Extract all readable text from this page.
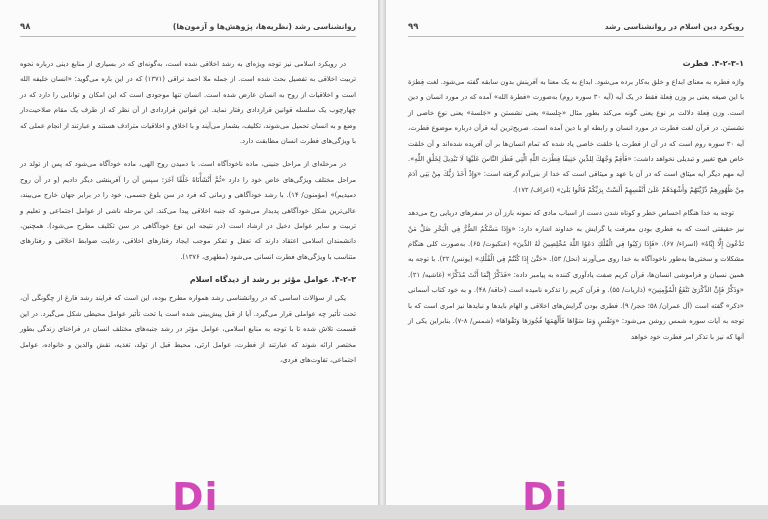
روانشناسی رشد (نظریه‌ها، پژوهش‌ها و آزمون‌ها)
۹۸

در رویکرد اسلامی نیز توجه ویژه‌ای به رشد اخلاقی شده است، به‌گونه‌ای که در بسیاری از منابع دینی درباره نحوه تربیت اخلاقی به تفصیل بحث شده است. از جمله ملا احمد نراقی (۱۳۷۱) که در این باره می‌گوید: «انسان خلیفه الله است و اخلاقیات از روح به انسان عارض شده است. انسان تنها موجودی است که این امکان و توانایی را دارد که در چهارچوب یک سلسله قوانین قراردادی رفتار نماید. این قوانین قراردادی از آن نظر که از طرف یک مقام صلاحیت‌دار وضع و به انسان تحمیل می‌شوند، تکلیف، بشمار می‌آیند و با اخلاق و اخلاقیات مترادف هستند و عبارتند از انجام عملی که با ویژگی‌های فطرت انسان مطابقت دارد.

در مرحله‌ای از مراحل جنینی، ماده ناخودآگاه است. با دمیدن روح الهی، ماده خودآگاه می‌شود که پس از تولد در مراحل مختلف ویژگی‌های خاص خود را دارد «ثُمَّ أَنْشَأْنَاهُ خَلْقًا آخَرَ؛ سپس آن را آفرینشی دیگر دادیم (و در آن روح دمیدیم)» (مؤمنون/ ۱۴). با رشد خودآگاهی و زمانی که فرد در سن بلوغ جسمی، خود را در برابر جهان خارج می‌بیند، عالی‌ترین شکل خودآگاهی پدیدار می‌شود که جنبه اخلاقی پیدا می‌کند. این مرحله ناشی از عوامل اجتماعی و تعلیم و تربیت و سایر عوامل دخیل در ارشاد است (در نتیجه این نوع خودآگاهی در سن تکلیف مطرح می‌شود). همچنین، دانشمندان اسلامی اعتقاد دارند که تعقل و تفکر موجب ایجاد رفتارهای اخلاقی، رعایت ضوابط اخلاقی و رفتارهای متناسب با ویژگی‌های فطرت انسانی می‌شود (مطهری، ۱۳۷۶).

۴-۲-۳. عوامل مؤثر بر رشد از دیدگاه اسلام

یکی از سؤالات اساسی که در روانشناسی رشد همواره مطرح بوده، این است که فرایند رشد فارغ از چگونگی آن، تحت تأثیر چه عواملی قرار می‌گیرد. آیا از قبل پیش‌بینی شده است یا تحت تأثیر عوامل محیطی شکل می‌گیرد. در این قسمت تلاش شده تا با توجه به منابع اسلامی، عوامل مؤثر در رشد جنبه‌های مختلف انسان در فراخنای زندگی بطور مختصر ارائه شوند که عبارتند از فطرت، عوامل ارثی، محیط قبل از تولد، تغذیه، نقش والدین و خانواده، عوامل اجتماعی، تفاوت‌های فردی،

رویکرد دین اسلام در روانشناسی رشد
۹۹
۴-۲-۳-۱. فطرت

واژه فطره به معنای ابداع و خلق به‌کار برده می‌شود. ابداع به یک معنا به آفرینش بدون سابقه گفته می‌شود. لغت فِطرَة با این صیغه یعنی بر وزن فِعلة فقط در یک آیه (آیه ۳۰ سوره روم) به‌صورت «فطرة الله» آمده که در مورد انسان و دین است. وزن فِعلة دلالت بر نوع یعنی گونه می‌کند بطور مثال «جِلسة» یعنی نشستن و «جَلسة» یعنی نوعِ خاصی از نشستن. در قرآن لغت فطرت در مورد انسان و رابطه او با دین آمده است. صریح‌ترین آیه قرآن درباره موضوع فطرت، آیه ۳۰ سوره روم است که در آن از فطرت یا خلقت خاصی یاد شده که تمام انسان‌ها بر آن آفریده شده‌اند و آن خلقت خاص هیچ تغییر و تبدیلی نخواهد داشت: «فَأَقِمْ وَجْهَكَ لِلدِّينِ حَنِيفًا فِطْرَتَ اللَّهِ الَّتِي فَطَرَ النَّاسَ عَلَيْهَا لَا تَبْدِيلَ لِخَلْقِ اللَّهِ». آیه مهم دیگر آیه میثاق است که در آن با عهد و میثاقی است که خدا از بنی‌آدم گرفته است: «وَإِذْ أَخَذَ رَبُّكَ مِنْ بَنِي آدَمَ مِنْ ظُهُورِهِمْ ذُرِّيَّتَهُمْ وَأَشْهَدَهُمْ عَلَىٰ أَنْفُسِهِمْ أَلَسْتُ بِرَبِّكُمْ قَالُوا بَلَىٰ» (اعراف/ ۱۷۲).

توجه به خدا هنگام احساس خطر و کوتاه شدن دست از اسباب مادی که نمونه بارز آن در سفرهای دریایی رخ می‌دهد نیز حقیقتی است که به فطری بودن معرفت یا گرایش به خداوند اشاره دارد: «وَإِذَا مَسَّكُمُ الضُّرُّ فِي الْبَحْرِ ضَلَّ مَنْ تَدْعُونَ إِلَّا إِيَّاهُ» (اسراء/ ۶۷). «فَإِذَا رَكِبُوا فِي الْفُلْكِ دَعَوُا اللَّهَ مُخْلِصِينَ لَهُ الدِّينَ» (عنکبوت/ ۶۵). به‌صورت کلی هنگام مشکلات و سختی‌ها به‌طور ناخودآگاه به خدا روی می‌آورند (نحل/ ۵۳). «حَتَّىٰ إِذَا كُنْتُمْ فِي الْفُلْكِ» (یونس/ ۲۲). با توجه به همین نسیان و فراموشی انسان‌ها، قرآن کریم صفت یادآوری کننده به پیامبر داده: «فَذَكِّرْ إِنَّمَا أَنْتَ مُذَكِّرٌ» (غاشیه/ ۲۱). «وَذَكِّرْ فَإِنَّ الذِّكْرَىٰ تَنْفَعُ الْمُؤْمِنِينَ» (ذاریات/ ۵۵). و قرآن کریم را تذکره نامیده است (حاقه/ ۴۸). و به خود کتاب آسمانی «ذکر» گفته است (آل عمران/ ۵۸؛ حجر/ ۹). فطری بودن گرایش‌های اخلاقی و الهام بایدها و نبایدها نیز امری است که با توجه به آیات سوره شمس روشن می‌شود: «وَنَفْسٍ وَمَا سَوَّاهَا فَأَلْهَمَهَا فُجُورَهَا وَتَقْوَاهَا» (شمس/ ۸-۷). بنابراین یکی از آنها که نیز با تذکر امر فطرت خود خواهد

Di	Di
